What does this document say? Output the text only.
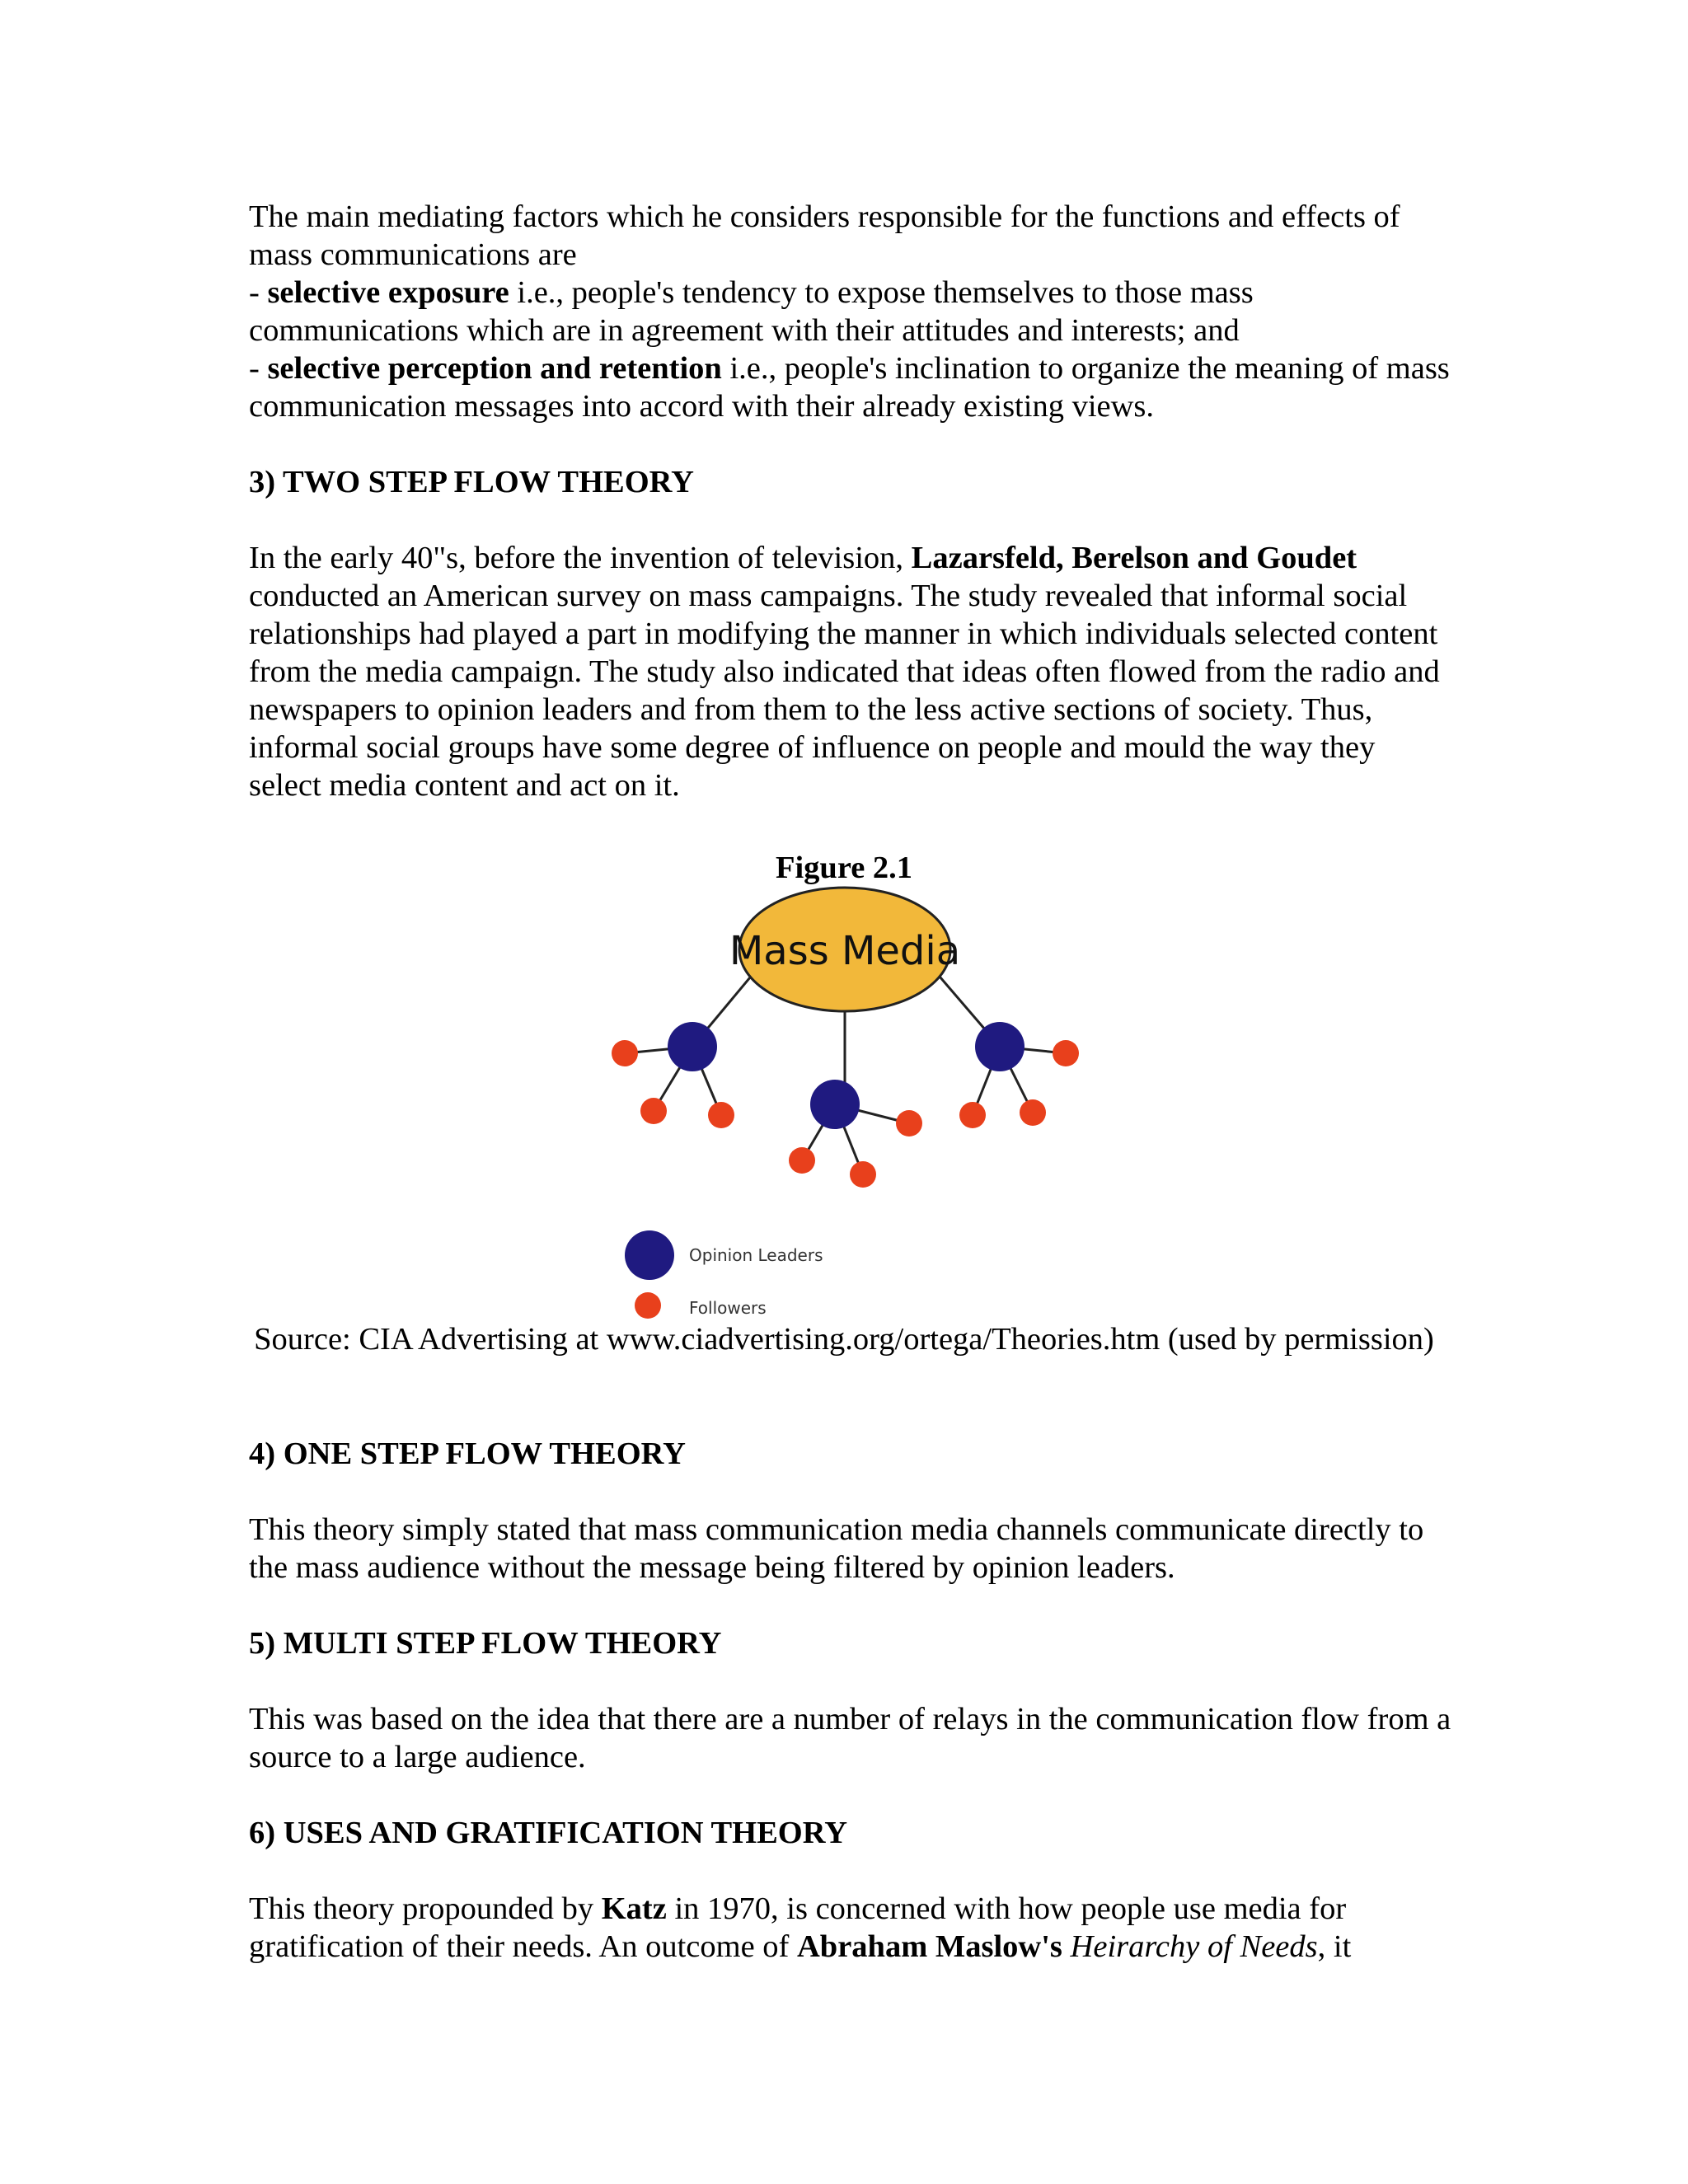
The main mediating factors which he considers responsible for the functions and effects of mass communications are

- selective exposure i.e., people's tendency to expose themselves to those mass communications which are in agreement with their attitudes and interests; and

- selective perception and retention i.e., people's inclination to organize the meaning of mass communication messages into accord with their already existing views.

3) TWO STEP FLOW THEORY

In the early 40"s, before the invention of television, Lazarsfeld, Berelson and Goudet conducted an American survey on mass campaigns. The study revealed that informal social relationships had played a part in modifying the manner in which individuals selected content from the media campaign. The study also indicated that ideas often flowed from the radio and newspapers to opinion leaders and from them to the less active sections of society. Thus, informal social groups have some degree of influence on people and mould the way they select media content and act on it.

Figure 2.1
Mass Media
Opinion Leaders
Followers
Source: CIA Advertising at www.ciadvertising.org/ortega/Theories.htm (used by permission)
4) ONE STEP FLOW THEORY

This theory simply stated that mass communication media channels communicate directly to the mass audience without the message being filtered by opinion leaders.

5) MULTI STEP FLOW THEORY

This was based on the idea that there are a number of relays in the communication flow from a source to a large audience.

6) USES AND GRATIFICATION THEORY

This theory propounded by Katz in 1970, is concerned with how people use media for gratification of their needs. An outcome of Abraham Maslow's Heirarchy of Needs, it
